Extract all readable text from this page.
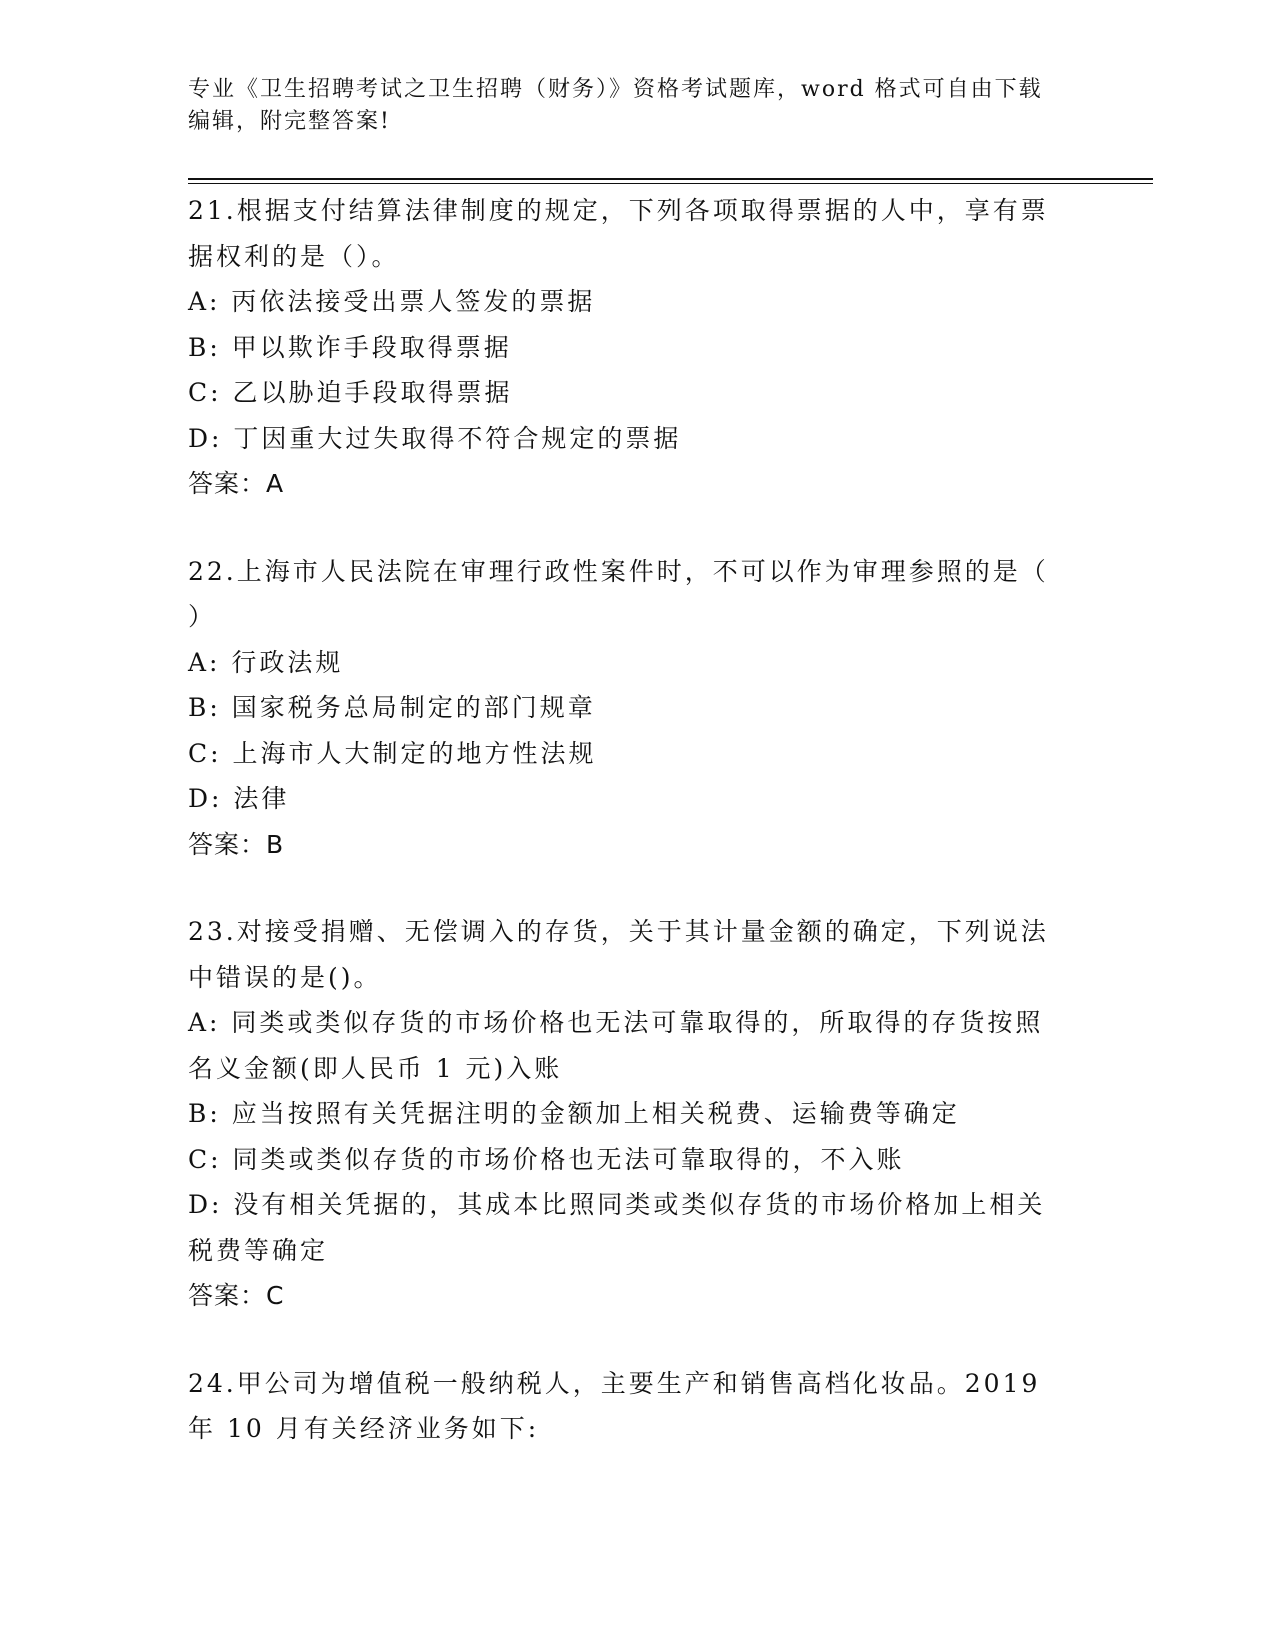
专业《卫生招聘考试之卫生招聘（财务）》资格考试题库，word 格式可自由下载
编辑，附完整答案!
21.根据支付结算法律制度的规定，下列各项取得票据的人中，享有票
据权利的是（）。
A: 丙依法接受出票人签发的票据
B: 甲以欺诈手段取得票据
C: 乙以胁迫手段取得票据
D: 丁因重大过失取得不符合规定的票据
答案：A
22.上海市人民法院在审理行政性案件时，不可以作为审理参照的是（
）
A: 行政法规
B: 国家税务总局制定的部门规章
C: 上海市人大制定的地方性法规
D: 法律
答案：B
23.对接受捐赠、无偿调入的存货，关于其计量金额的确定，下列说法
中错误的是()。
A: 同类或类似存货的市场价格也无法可靠取得的，所取得的存货按照
名义金额(即人民币 1 元)入账
B: 应当按照有关凭据注明的金额加上相关税费、运输费等确定
C: 同类或类似存货的市场价格也无法可靠取得的，不入账
D: 没有相关凭据的，其成本比照同类或类似存货的市场价格加上相关
税费等确定
答案：C
24.甲公司为增值税一般纳税人，主要生产和销售高档化妆品。2019
年 10 月有关经济业务如下:
